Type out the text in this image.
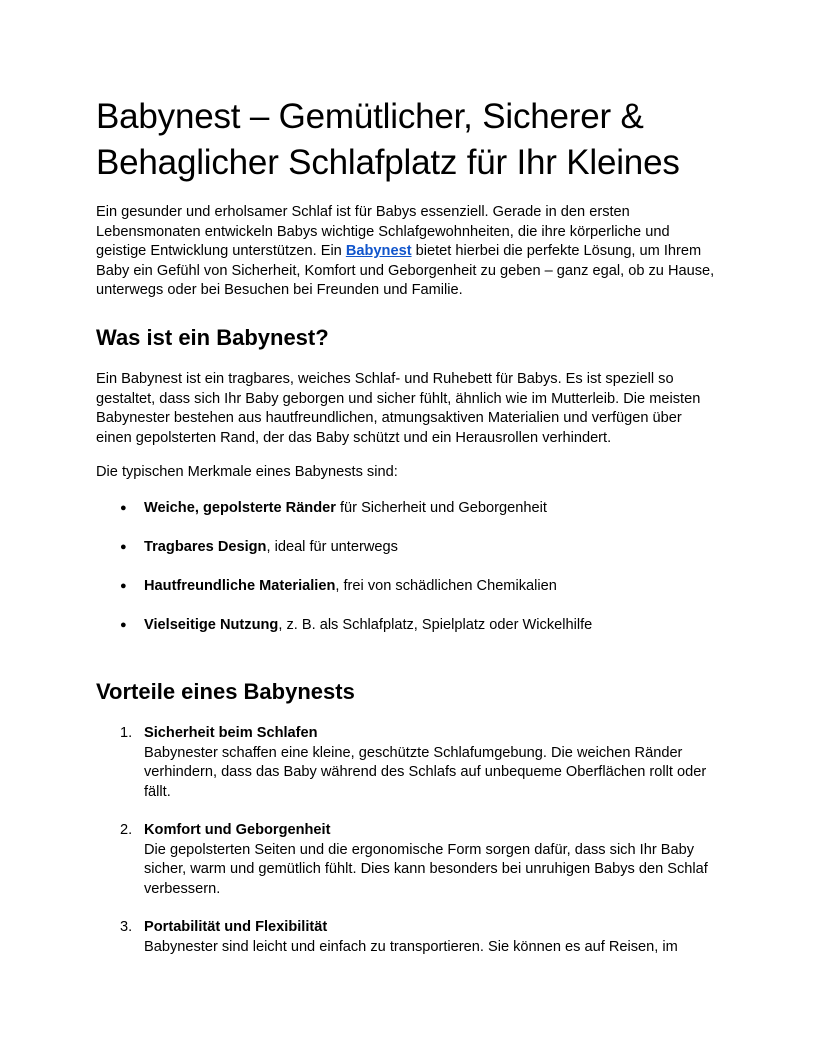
Babynest – Gemütlicher, Sicherer & Behaglicher Schlafplatz für Ihr Kleines

Ein gesunder und erholsamer Schlaf ist für Babys essenziell. Gerade in den ersten Lebensmonaten entwickeln Babys wichtige Schlafgewohnheiten, die ihre körperliche und geistige Entwicklung unterstützen. Ein Babynest bietet hierbei die perfekte Lösung, um Ihrem Baby ein Gefühl von Sicherheit, Komfort und Geborgenheit zu geben – ganz egal, ob zu Hause, unterwegs oder bei Besuchen bei Freunden und Familie.

Was ist ein Babynest?

Ein Babynest ist ein tragbares, weiches Schlaf- und Ruhebett für Babys. Es ist speziell so gestaltet, dass sich Ihr Baby geborgen und sicher fühlt, ähnlich wie im Mutterleib. Die meisten Babynester bestehen aus hautfreundlichen, atmungsaktiven Materialien und verfügen über einen gepolsterten Rand, der das Baby schützt und ein Herausrollen verhindert.

Die typischen Merkmale eines Babynests sind:

● Weiche, gepolsterte Ränder für Sicherheit und Geborgenheit
● Tragbares Design, ideal für unterwegs
● Hautfreundliche Materialien, frei von schädlichen Chemikalien
● Vielseitige Nutzung, z. B. als Schlafplatz, Spielplatz oder Wickelhilfe
Vorteile eines Babynests
1. Sicherheit beim Schlafen
Babynester schaffen eine kleine, geschützte Schlafumgebung. Die weichen Ränder verhindern, dass das Baby während des Schlafs auf unbequeme Oberflächen rollt oder fällt.
2. Komfort und Geborgenheit
Die gepolsterten Seiten und die ergonomische Form sorgen dafür, dass sich Ihr Baby sicher, warm und gemütlich fühlt. Dies kann besonders bei unruhigen Babys den Schlaf verbessern.
3. Portabilität und Flexibilität
Babynester sind leicht und einfach zu transportieren. Sie können es auf Reisen, im
